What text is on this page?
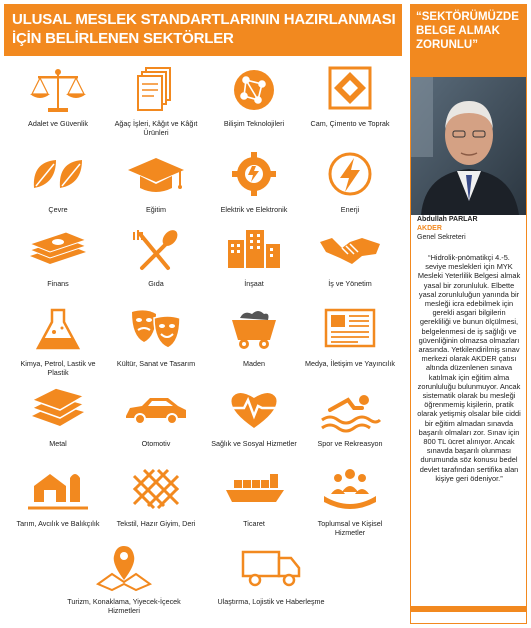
ULUSAL MESLEK STANDARTLARININ HAZIRLANMASI İÇİN BELİRLENEN SEKTÖRLER
Adalet ve Güvenlik	Ağaç İşleri, Kâğıt ve Kâğıt Ürünleri
Bilişim Teknolojileri	Cam, Çimento ve Toprak
Çevre	Eğitim	Elektrik ve Elektronik	Enerji
Finans	Gıda	İnşaat	İş ve Yönetim
Kimya, Petrol, Lastik ve Plastik
Kültür, Sanat ve Tasarım	Maden	Medya, İletişim ve Yayıncılık
Metal	Otomotiv	Sağlık ve Sosyal Hizmetler	Spor ve Rekreasyon
Tarım, Avcılık ve Balıkçılık	Tekstil, Hazır Giyim, Deri	Ticaret	Toplumsal ve Kişisel Hizmetler
Turizm, Konaklama, Yiyecek-İçecek Hizmetleri
Ulaştırma, Lojistik ve Haberleşme
“SEKTÖRÜMÜZDE BELGE ALMAK ZORUNLU”
Abdullah PARLAR
AKDER
Genel Sekreteri
“Hidrolik-pnömatikçi 4.-5. seviye meslekleri için MYK Mesleki Yeterlilik Belgesi almak yasal bir zorunluluk. Elbette yasal zorunluluğun yanında bir mesleği icra edebilmek için gerekli asgari bilgilerin gerekliliği ve bunun ölçülmesi, belgelenmesi de iş sağlığı ve güvenliğinin olmazsa olmazları arasında. Yetkilendirilmiş sınav merkezi olarak AKDER çatısı altında düzenlenen sınava katılmak için eğitim alma zorunluluğu bulunmuyor. Ancak sistematik olarak bu mesleği öğrenmemiş kişilerin, pratik olarak yetişmiş olsalar bile ciddi bir eğitim almadan sınavda başarılı olmaları zor. Sınav için 800 TL ücret alınıyor. Ancak sınavda başarılı olunması durumunda söz konusu bedel devlet tarafından sertifika alan kişiye geri ödeniyor.”
